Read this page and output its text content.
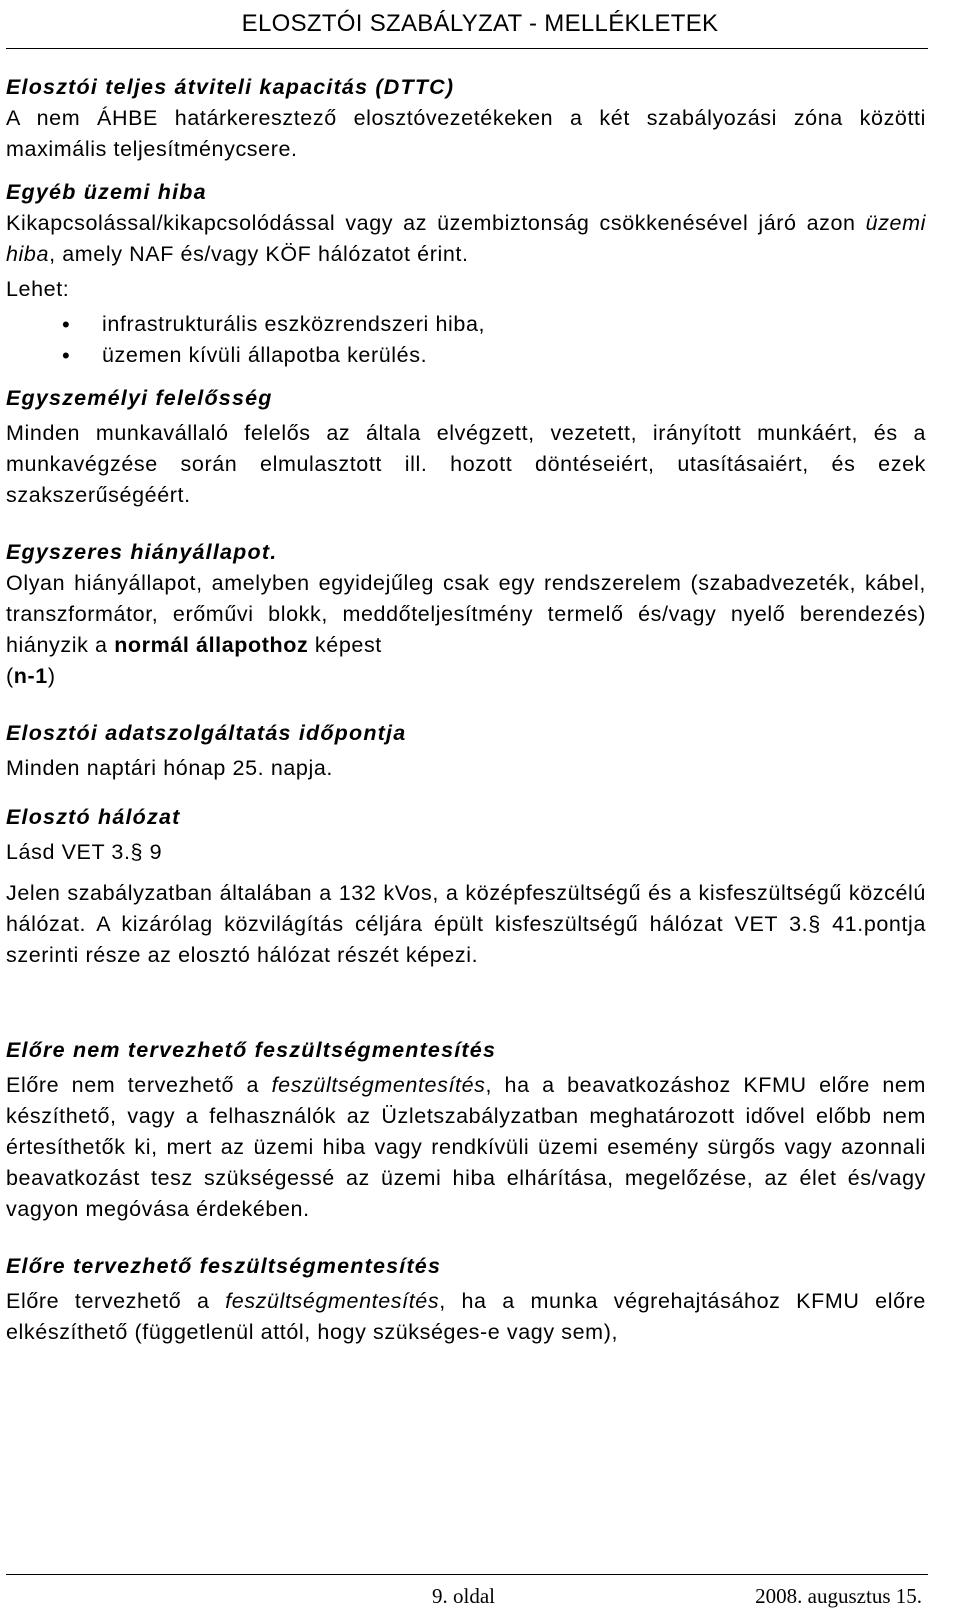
ELOSZTÓI SZABÁLYZAT - MELLÉKLETEK

Elosztói teljes átviteli kapacitás (DTTC)

A nem ÁHBE határkeresztező elosztóvezetékeken a két szabályozási zóna közötti maximális teljesítménycsere.

Egyéb üzemi hiba

Kikapcsolással/kikapcsolódással vagy az üzembiztonság csökkenésével járó azon üzemi hiba, amely NAF és/vagy KÖF hálózatot érint.

Lehet:

• infrastrukturális eszközrendszeri hiba,
• üzemen kívüli állapotba kerülés.

Egyszemélyi felelősség

Minden munkavállaló felelős az általa elvégzett, vezetett, irányított munkáért, és a munkavégzése során elmulasztott ill. hozott döntéseiért, utasításaiért, és ezek szakszerűségéért.

Egyszeres hiányállapot.

Olyan hiányállapot, amelyben egyidejűleg csak egy rendszerelem (szabadvezeték, kábel, transzformátor, erőművi blokk, meddőteljesítmény termelő és/vagy nyelő berendezés) hiányzik a normál állapothoz képest

(n-1)

Elosztói adatszolgáltatás időpontja

Minden naptári hónap 25. napja.

Elosztó hálózat

Lásd VET 3.§ 9

Jelen szabályzatban általában a 132 kVos, a középfeszültségű és a kisfeszültségű közcélú hálózat. A kizárólag közvilágítás céljára épült kisfeszültségű hálózat VET 3.§ 41.pontja szerinti része az elosztó hálózat részét képezi.

Előre nem tervezhető feszültségmentesítés

Előre nem tervezhető a feszültségmentesítés, ha a beavatkozáshoz KFMU előre nem készíthető, vagy a felhasználók az Üzletszabályzatban meghatározott idővel előbb nem értesíthetők ki, mert az üzemi hiba vagy rendkívüli üzemi esemény sürgős vagy azonnali beavatkozást tesz szükségessé az üzemi hiba elhárítása, megelőzése, az élet és/vagy vagyon megóvása érdekében.

Előre tervezhető feszültségmentesítés

Előre tervezhető a feszültségmentesítés, ha a munka végrehajtásához KFMU előre elkészíthető (függetlenül attól, hogy szükséges-e vagy sem),

9. oldal	2008. augusztus 15.
